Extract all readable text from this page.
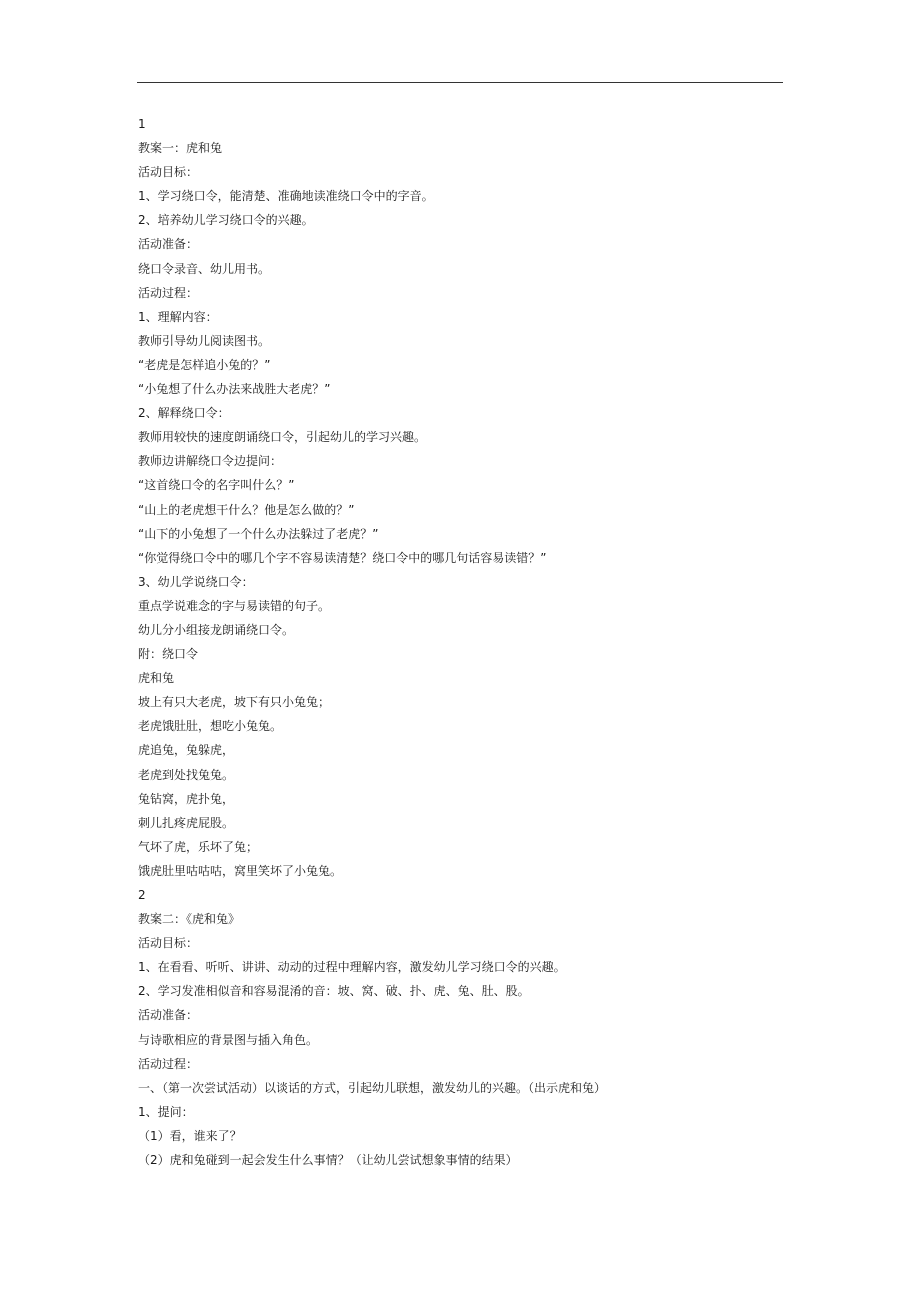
1
教案一：虎和兔
活动目标：
1、学习绕口令，能清楚、准确地读准绕口令中的字音。
2、培养幼儿学习绕口令的兴趣。
活动准备：
绕口令录音、幼儿用书。
活动过程：
1、理解内容：
教师引导幼儿阅读图书。
“老虎是怎样追小兔的？”
“小兔想了什么办法来战胜大老虎？”
2、解释绕口令：
教师用较快的速度朗诵绕口令，引起幼儿的学习兴趣。
教师边讲解绕口令边提问：
“这首绕口令的名字叫什么？”
“山上的老虎想干什么？他是怎么做的？”
“山下的小兔想了一个什么办法躲过了老虎？”
“你觉得绕口令中的哪几个字不容易读清楚？绕口令中的哪几句话容易读错？”
3、幼儿学说绕口令：
重点学说难念的字与易读错的句子。
幼儿分小组接龙朗诵绕口令。
附：绕口令
虎和兔
坡上有只大老虎，坡下有只小兔兔；
老虎饿肚肚，想吃小兔兔。
虎追兔，兔躲虎，
老虎到处找兔兔。
兔钻窝，虎扑兔，
刺儿扎疼虎屁股。
气坏了虎，乐坏了兔；
饿虎肚里咕咕咕，窝里笑坏了小兔兔。
2
教案二：《虎和兔》
活动目标：
1、在看看、听听、讲讲、动动的过程中理解内容，激发幼儿学习绕口令的兴趣。
2、学习发准相似音和容易混淆的音：坡、窝、破、扑、虎、兔、肚、股。
活动准备：
与诗歌相应的背景图与插入角色。
活动过程：
一、（第一次尝试活动）以谈话的方式，引起幼儿联想，激发幼儿的兴趣。（出示虎和兔）
1、提问：
（1）看，谁来了？
（2）虎和兔碰到一起会发生什么事情？（让幼儿尝试想象事情的结果）
